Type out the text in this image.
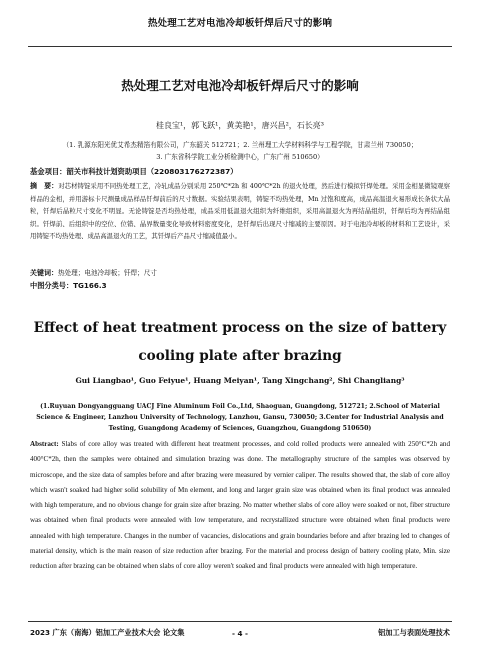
热处理工艺对电池冷却板钎焊后尺寸的影响
热处理工艺对电池冷却板钎焊后尺寸的影响
桂良宝¹，郭飞跃¹，黄美艳¹，唐兴昌²，石长亮³
（1. 乳源东阳光优艾希杰精箔有限公司，广东韶关 512721；2. 兰州理工大学材料科学与工程学院，甘肃兰州 730050；
3. 广东省科学院工业分析检测中心，广东广州 510650）
基金项目：韶关市科技计划资助项目（220803176272387）
摘　要：对芯材铸锭采用不同热处理工艺，冷轧成品分别采用 250℃*2h 和 400℃*2h 的退火处理，然后进行模拟钎焊处理。采用金相显微镜观察样品的金相，并用游标卡尺测量成品样品钎焊前后的尺寸数据。实验结果表明，铸锭不均热处理，Mn 过饱和度高，成品高温退火易形成长条状大晶粒，钎焊后晶粒尺寸变化不明显。无论铸锭是否均热处理，成品采用低温退火组织为纤维组织，采用高温退火为再结晶组织，钎焊后均为再结晶组织。钎焊前、后组织中的空位、位错、晶界数量变化导致材料密度变化，是钎焊后出现尺寸缩减的主要原因。对于电池冷却板的材料和工艺设计，采用铸锭不均热处理、成品高温退火的工艺，其钎焊后产品尺寸缩减值最小。
关键词：热处理；电池冷却板；钎焊；尺寸
中图分类号：TG166.3
Effect of heat treatment process on the size of battery cooling plate after brazing
Gui Liangbao¹, Guo Feiyue¹, Huang Meiyan¹, Tang Xingchang², Shi Changliang³
(1.Ruyuan Dongyangguang UACJ Fine Aluminum Foil Co.,Ltd, Shaoguan, Guangdong, 512721; 2.School of Material Science & Engineer, Lanzhou University of Technology, Lanzhou, Gansu, 730050; 3.Center for Industrial Analysis and Testing, Guangdong Academy of Sciences, Guangzhou, Guangdong 510650)
Abstract: Slabs of core alloy was treated with different heat treatment processes, and cold rolled products were annealed with 250°C*2h and 400°C*2h, then the samples were obtained and simulation brazing was done. The metallography structure of the samples was observed by microscope, and the size data of samples before and after brazing were measured by vernier caliper. The results showed that, the slab of core alloy which wasn't soaked had higher solid solubility of Mn element, and long and larger grain size was obtained when its final product was annealed with high temperature, and no obvious change for grain size after brazing. No matter whether slabs of core alloy were soaked or not, fiber structure was obtained when final products were annealed with low temperature, and recrystallized structure were obtained when final products were annealed with high temperature. Changes in the number of vacancies, dislocations and grain boundaries before and after brazing led to changes of material density, which is the main reason of size reduction after brazing. For the material and process design of battery cooling plate, Min. size reduction after brazing can be obtained when slabs of core alloy weren't soaked and final products were annealed with high temperature.
2023 广东（南海）铝加工产业技术大会 论文集	- 4 -	铝加工与表面处理技术
